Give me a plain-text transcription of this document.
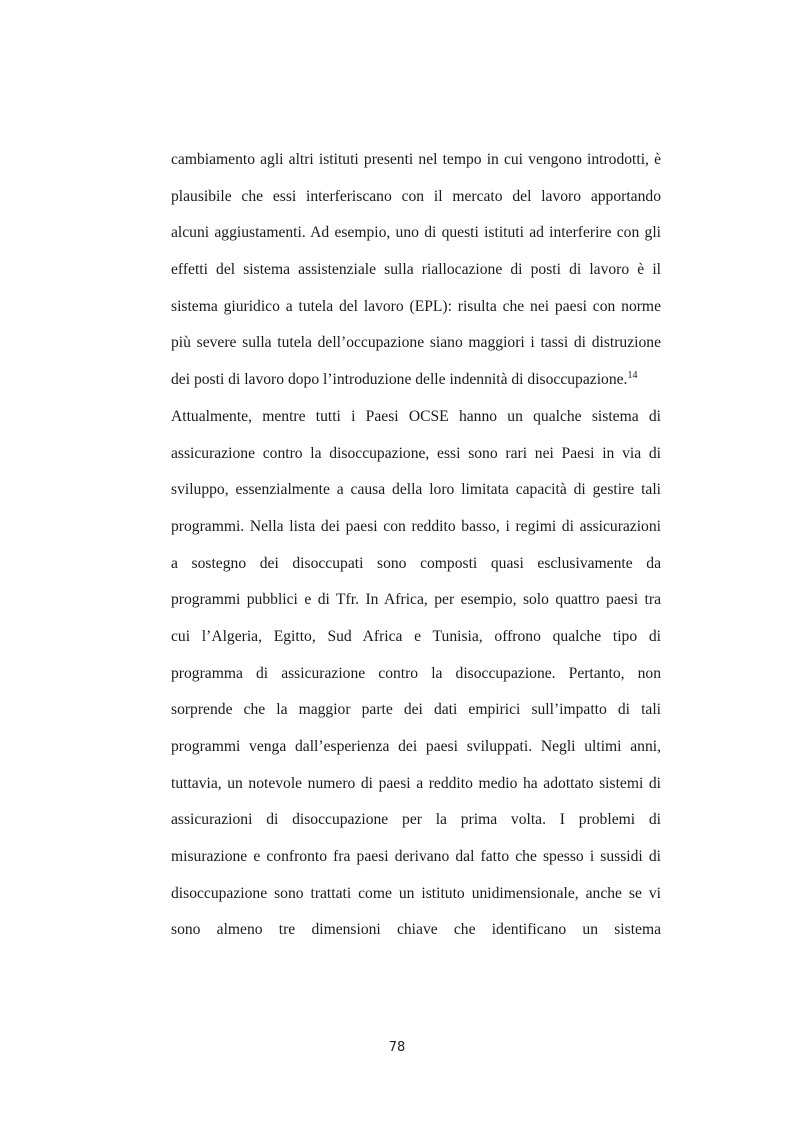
cambiamento agli altri istituti presenti nel tempo in cui vengono introdotti, è
plausibile che essi interferiscano con il mercato del lavoro apportando
alcuni aggiustamenti. Ad esempio, uno di questi istituti ad interferire con gli
effetti del sistema assistenziale sulla riallocazione di posti di lavoro è il
sistema giuridico a tutela del lavoro (EPL): risulta che nei paesi con norme
più severe sulla tutela dell’occupazione siano maggiori i tassi di distruzione
dei posti di lavoro dopo l’introduzione delle indennità di disoccupazione.$^{14}$
Attualmente, mentre tutti i Paesi OCSE hanno un qualche sistema di
assicurazione contro la disoccupazione, essi sono rari nei Paesi in via di
sviluppo, essenzialmente a causa della loro limitata capacità di gestire tali
programmi. Nella lista dei paesi con reddito basso, i regimi di assicurazioni
a sostegno dei disoccupati sono composti quasi esclusivamente da
programmi pubblici e di Tfr. In Africa, per esempio, solo quattro paesi tra
cui l’Algeria, Egitto, Sud Africa e Tunisia, offrono qualche tipo di
programma di assicurazione contro la disoccupazione. Pertanto, non
sorprende che la maggior parte dei dati empirici sull’impatto di tali
programmi venga dall’esperienza dei paesi sviluppati. Negli ultimi anni,
tuttavia, un notevole numero di paesi a reddito medio ha adottato sistemi di
assicurazioni di disoccupazione per la prima volta. I problemi di
misurazione e confronto fra paesi derivano dal fatto che spesso i sussidi di
disoccupazione sono trattati come un istituto unidimensionale, anche se vi
sono almeno tre dimensioni chiave che identificano un sistema
78
